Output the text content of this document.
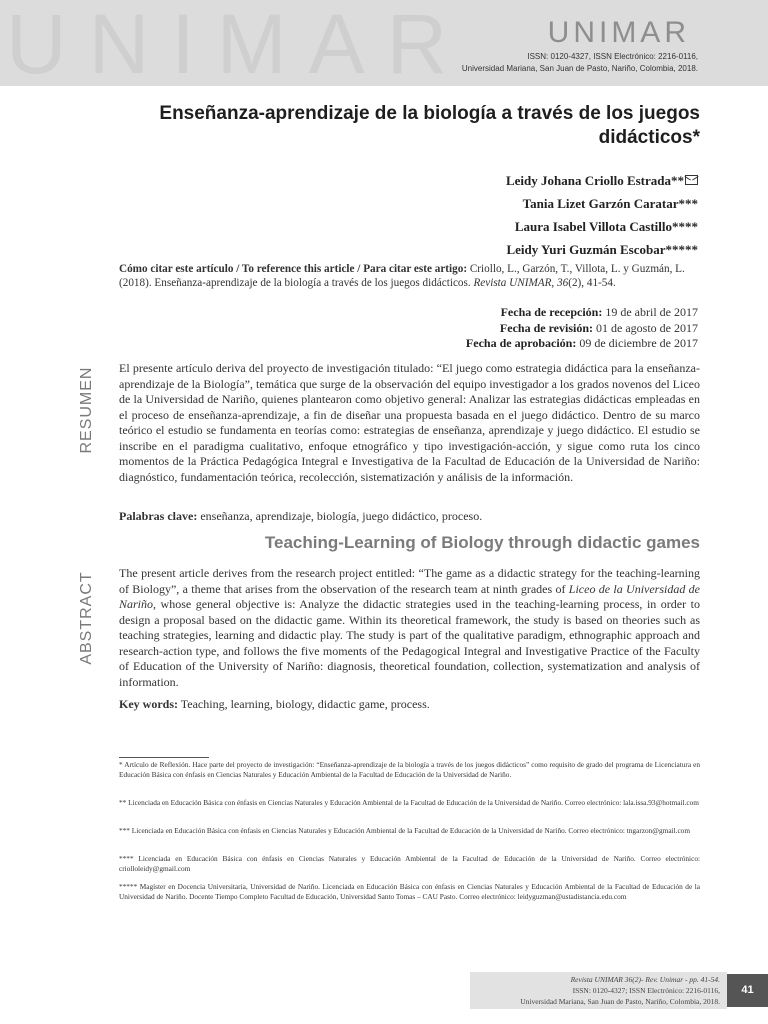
UNIMAR	UNIMAR
ISSN: 0120-4327, ISSN Electrónico: 2216-0116,
Universidad Mariana, San Juan de Pasto, Nariño, Colombia, 2018.
Enseñanza-aprendizaje de la biología a través de los juegos didácticos*
Leidy Johana Criollo Estrada**
Tania Lizet Garzón Caratar***
Laura Isabel Villota Castillo****
Leidy Yuri Guzmán Escobar*****
Cómo citar este artículo / To reference this article / Para citar este artigo: Criollo, L., Garzón, T., Villota, L. y Guzmán, L. (2018). Enseñanza-aprendizaje de la biología a través de los juegos didácticos. Revista UNIMAR, 36(2), 41-54.
Fecha de recepción: 19 de abril de 2017
Fecha de revisión: 01 de agosto de 2017
Fecha de aprobación: 09 de diciembre de 2017
RESUMEN El presente artículo deriva del proyecto de investigación titulado: “El juego como estrategia didáctica para la enseñanza-aprendizaje de la Biología”, temática que surge de la observación del equipo investigador a los grados novenos del Liceo de la Universidad de Nariño, quienes plantearon como objetivo general: Analizar las estrategias didácticas empleadas en el proceso de enseñanza-aprendizaje, a fin de diseñar una propuesta basada en el juego didáctico. Dentro de su marco teórico el estudio se fundamenta en teorías como: estrategias de enseñanza, aprendizaje y juego didáctico. El estudio se inscribe en el paradigma cualitativo, enfoque etnográfico y tipo investigación-acción, y sigue como ruta los cinco momentos de la Práctica Pedagógica Integral e Investigativa de la Facultad de Educación de la Universidad de Nariño: diagnóstico, fundamentación teórica, recolección, sistematización y análisis de la información.
Palabras clave: enseñanza, aprendizaje, biología, juego didáctico, proceso.
Teaching-Learning of Biology through didactic games
ABSTRACT The present article derives from the research project entitled: “The game as a didactic strategy for the teaching-learning of Biology”, a theme that arises from the observation of the research team at ninth grades of Liceo de la Universidad de Nariño, whose general objective is: Analyze the didactic strategies used in the teaching-learning process, in order to design a proposal based on the didactic game. Within its theoretical framework, the study is based on theories such as teaching strategies, learning and didactic play. The study is part of the qualitative paradigm, ethnographic approach and research-action type, and follows the five moments of the Pedagogical Integral and Investigative Practice of the Faculty of Education of the University of Nariño: diagnosis, theoretical foundation, collection, systematization and analysis of information.
Key words: Teaching, learning, biology, didactic game, process.
* Artículo de Reflexión. Hace parte del proyecto de investigación: “Enseñanza-aprendizaje de la biología a través de los juegos didácticos” como requisito de grado del programa de Licenciatura en Educación Básica con énfasis en Ciencias Naturales y Educación Ambiental de la Facultad de Educación de la Universidad de Nariño.
** Licenciada en Educación Básica con énfasis en Ciencias Naturales y Educación Ambiental de la Facultad de Educación de la Universidad de Nariño. Correo electrónico: lala.issa.93@hotmail.com
*** Licenciada en Educación Básica con énfasis en Ciencias Naturales y Educación Ambiental de la Facultad de Educación de la Universidad de Nariño. Correo electrónico: tngarzon@gmail.com
**** Licenciada en Educación Básica con énfasis en Ciencias Naturales y Educación Ambiental de la Facultad de Educación de la Universidad de Nariño. Correo electrónico: criolloleidy@gmail.com
***** Magíster en Docencia Universitaria, Universidad de Nariño. Licenciada en Educación Básica con énfasis en Ciencias Naturales y Educación Ambiental de la Facultad de Educación de la Universidad de Nariño. Docente Tiempo Completo Facultad de Educación, Universidad Santo Tomas – CAU Pasto. Correo electrónico: leidyguzman@ustadistancia.edu.com
Revista UNIMAR 36(2)- Rev. Unimar - pp. 41-54.
ISSN: 0120-4327; ISSN Electrónico: 2216-0116,
Universidad Mariana, San Juan de Pasto, Nariño, Colombia, 2018.
41
